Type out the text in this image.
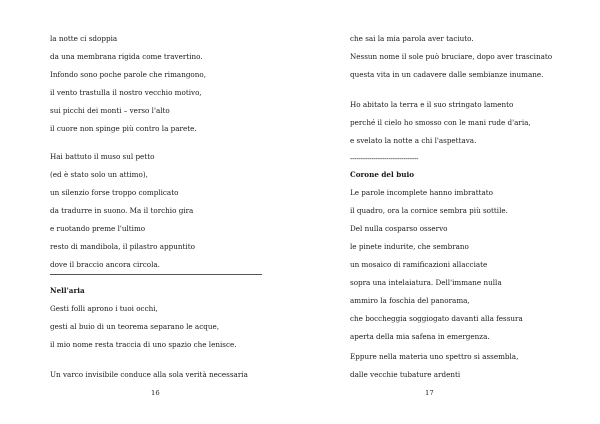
la notte ci sdoppia
da una membrana rigida come travertino.
Infondo sono poche parole che rimangono,
il vento trastulla il nostro vecchio motivo,
sui picchi dei monti – verso l'alto
il cuore non spinge più contro la parete.
Hai battuto il muso sul petto
(ed è stato solo un attimo),
un silenzio forse troppo complicato
da tradurre in suono. Ma il torchio gira
e ruotando preme l'ultimo
resto di mandibola, il pilastro appuntito
dove il braccio ancora circola.
Nell'aria
Gesti folli aprono i tuoi occhi,
gesti al buio di un teorema separano le acque,
il mio nome resta traccia di uno spazio che lenisce.
Un varco invisibile conduce alla sola verità necessaria
16
che sai la mia parola aver taciuto.
Nessun nome il sole può bruciare, dopo aver trascinato
questa vita in un cadavere dalle sembianze inumane.
Ho abitato la terra e il suo stringato lamento
perché il cielo ho smosso con le mani rude d'aria,
e svelato la notte a chi l'aspettava.
--------------------------------
Corone del buio
Le parole incomplete hanno imbrattato
il quadro, ora la cornice sembra più sottile.
Del nulla cosparso osservo
le pinete indurite, che sembrano
un mosaico di ramificazioni allacciate
sopra una intelaiatura. Dell'immane nulla
ammiro la foschia del panorama,
che boccheggia soggiogato davanti alla fessura
aperta della mia safena in emergenza.
Eppure nella materia uno spettro si assembla,
dalle vecchie tubature ardenti
17
